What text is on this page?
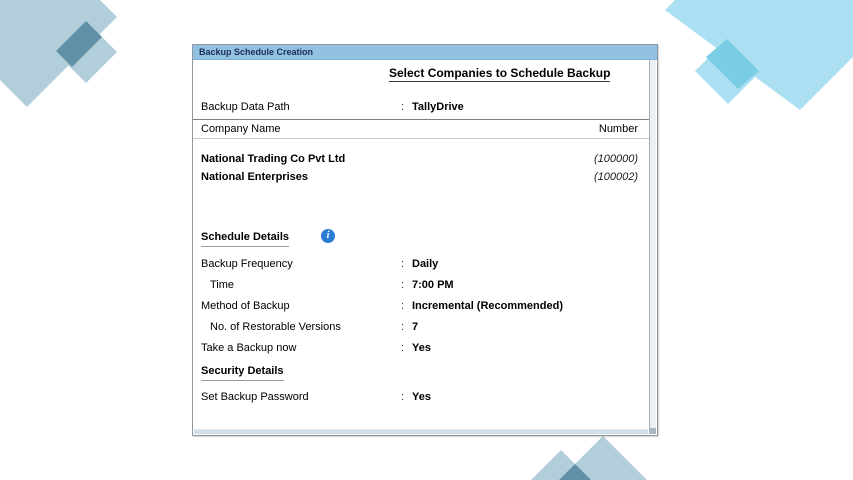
Backup Schedule Creation
Select Companies to Schedule Backup
Backup Data Path	: TallyDrive
Company Name	Number
National Trading Co Pvt Ltd	(100000)
National Enterprises	(100002)
Schedule Details	i
Backup Frequency	: Daily
Time	: 7:00 PM
Method of Backup	: Incremental (Recommended)
No. of Restorable Versions	: 7
Take a Backup now	: Yes
Security Details
Set Backup Password	: Yes
